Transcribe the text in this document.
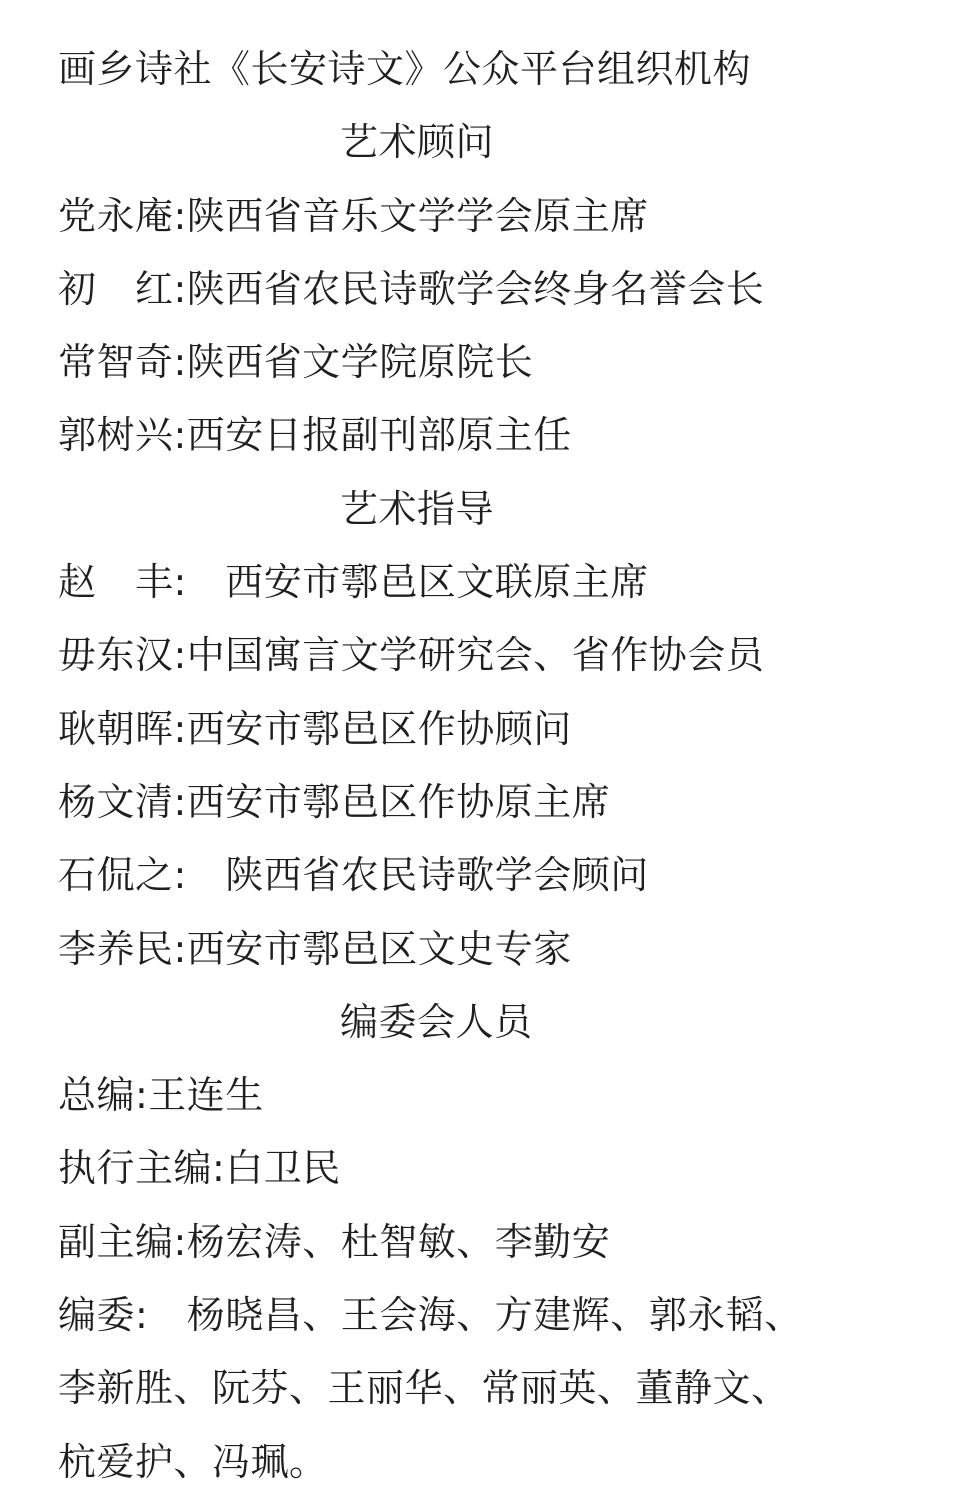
画乡诗社《长安诗文》公众平台组织机构
艺术顾问
党永庵:陕西省音乐文学学会原主席
初　红:陕西省农民诗歌学会终身名誉会长
常智奇:陕西省文学院原院长
郭树兴:西安日报副刊部原主任
艺术指导
赵　丰:　西安市鄠邑区文联原主席
毋东汉:中国寓言文学研究会、省作协会员
耿朝晖:西安市鄠邑区作协顾问
杨文清:西安市鄠邑区作协原主席
石侃之:　陕西省农民诗歌学会顾问
李养民:西安市鄠邑区文史专家
编委会人员
总编:王连生
执行主编:白卫民
副主编:杨宏涛、杜智敏、李勤安
编委:　杨晓昌、王会海、方建辉、郭永韬、
李新胜、阮芬、王丽华、常丽英、董静文、
杭爱护、冯珮。
